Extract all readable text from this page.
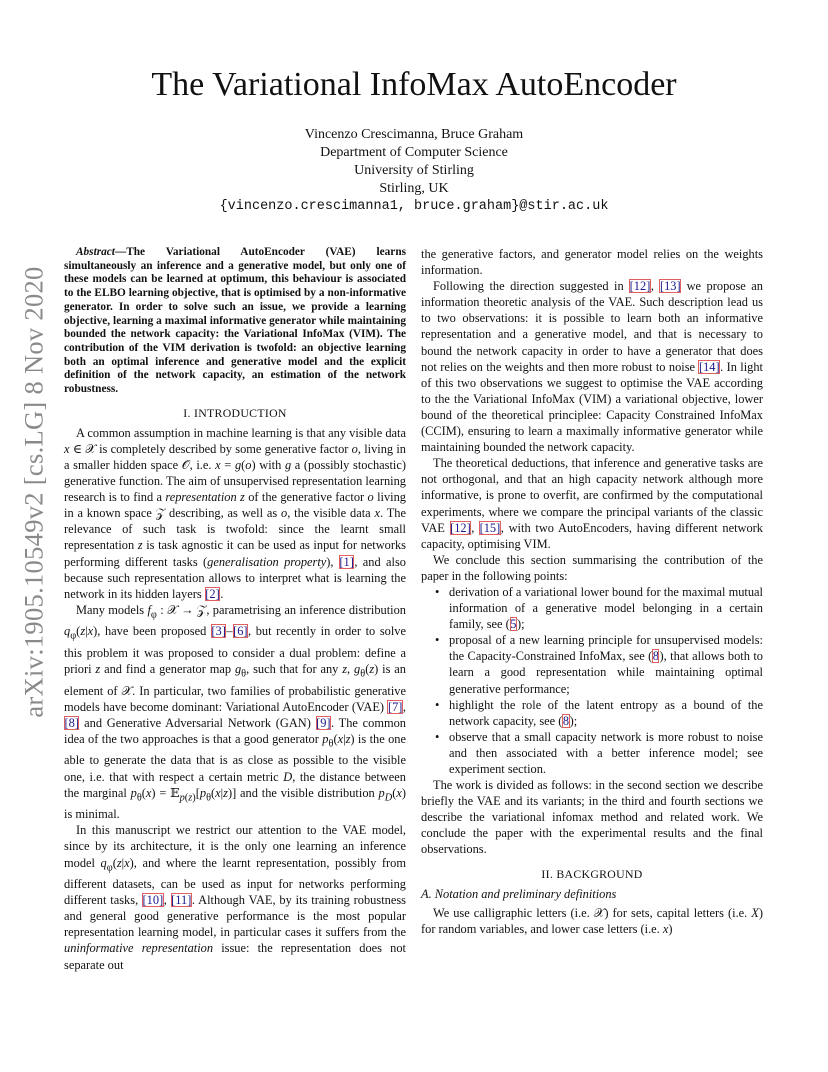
arXiv:1905.10549v2 [cs.LG] 8 Nov 2020
The Variational InfoMax AutoEncoder
Vincenzo Crescimanna, Bruce Graham
Department of Computer Science
University of Stirling
Stirling, UK
{vincenzo.crescimanna1, bruce.graham}@stir.ac.uk

Abstract—The Variational AutoEncoder (VAE) learns simultaneously an inference and a generative model, but only one of these models can be learned at optimum, this behaviour is associated to the ELBO learning objective, that is optimised by a non-informative generator. In order to solve such an issue, we provide a learning objective, learning a maximal informative generator while maintaining bounded the network capacity: the Variational InfoMax (VIM). The contribution of the VIM derivation is twofold: an objective learning both an optimal inference and generative model and the explicit definition of the network capacity, an estimation of the network robustness.

I. INTRODUCTION

A common assumption in machine learning is that any visible data x ∈ 𝒳 is completely described by some generative factor o, living in a smaller hidden space 𝒪, i.e. x = g(o) with g a (possibly stochastic) generative function. The aim of unsupervised representation learning research is to find a representation z of the generative factor o living in a known space 𝒵 describing, as well as o, the visible data x. The relevance of such task is twofold: since the learnt small representation z is task agnostic it can be used as input for networks performing different tasks (generalisation property), [1], and also because such representation allows to interpret what is learning the network in its hidden layers [2].

Many models $f_\varphi$ : 𝒳 → 𝒵, parametrising an inference distribution $q_\varphi(z|x)$, have been proposed [3]–[6], but recently in order to solve this problem it was proposed to consider a dual problem: define a priori z and find a generator map $g_\theta$, such that for any z, $g_\theta(z)$ is an element of 𝒳. In particular, two families of probabilistic generative models have become dominant: Variational AutoEncoder (VAE) [7], [8] and Generative Adversarial Network (GAN) [9]. The common idea of the two approaches is that a good generator $p_\theta(x|z)$ is the one able to generate the data that is as close as possible to the visible one, i.e. that with respect a certain metric D, the distance between the marginal $p_\theta(x)$ = $𝔼_{p(z)}[p_\theta(x|z)]$ and the visible distribution $p_D(x)$ is minimal.

In this manuscript we restrict our attention to the VAE model, since by its architecture, it is the only one learning an inference model $q_\varphi(z|x)$, and where the learnt representation, possibly from different datasets, can be used as input for networks performing different tasks, [10], [11]. Although VAE, by its training robustness and general good generative performance is the most popular representation learning model, in particular cases it suffers from the uninformative representation issue: the representation does not separate out

the generative factors, and generator model relies on the weights information.

Following the direction suggested in [12], [13] we propose an information theoretic analysis of the VAE. Such description lead us to two observations: it is possible to learn both an informative representation and a generative model, and that is necessary to bound the network capacity in order to have a generator that does not relies on the weights and then more robust to noise [14]. In light of this two observations we suggest to optimise the VAE according to the the Variational InfoMax (VIM) a variational objective, lower bound of the theoretical principlee: Capacity Constrained InfoMax (CCIM), ensuring to learn a maximally informative generator while maintaining bounded the network capacity.

The theoretical deductions, that inference and generative tasks are not orthogonal, and that an high capacity network although more informative, is prone to overfit, are confirmed by the computational experiments, where we compare the principal variants of the classic VAE [12], [15], with two AutoEncoders, having different network capacity, optimising VIM.

We conclude this section summarising the contribution of the paper in the following points:

• derivation of a variational lower bound for the maximal mutual information of a generative model belonging in a certain family, see (5);
• proposal of a new learning principle for unsupervised models: the Capacity-Constrained InfoMax, see (8), that allows both to learn a good representation while maintaining optimal generative performance;
• highlight the role of the latent entropy as a bound of the network capacity, see (8);
• observe that a small capacity network is more robust to noise and then associated with a better inference model; see experiment section.

The work is divided as follows: in the second section we describe briefly the VAE and its variants; in the third and fourth sections we describe the variational infomax method and related work. We conclude the paper with the experimental results and the final observations.

II. BACKGROUND
A. Notation and preliminary definitions

We use calligraphic letters (i.e. 𝒳) for sets, capital letters (i.e. X) for random variables, and lower case letters (i.e. x)
